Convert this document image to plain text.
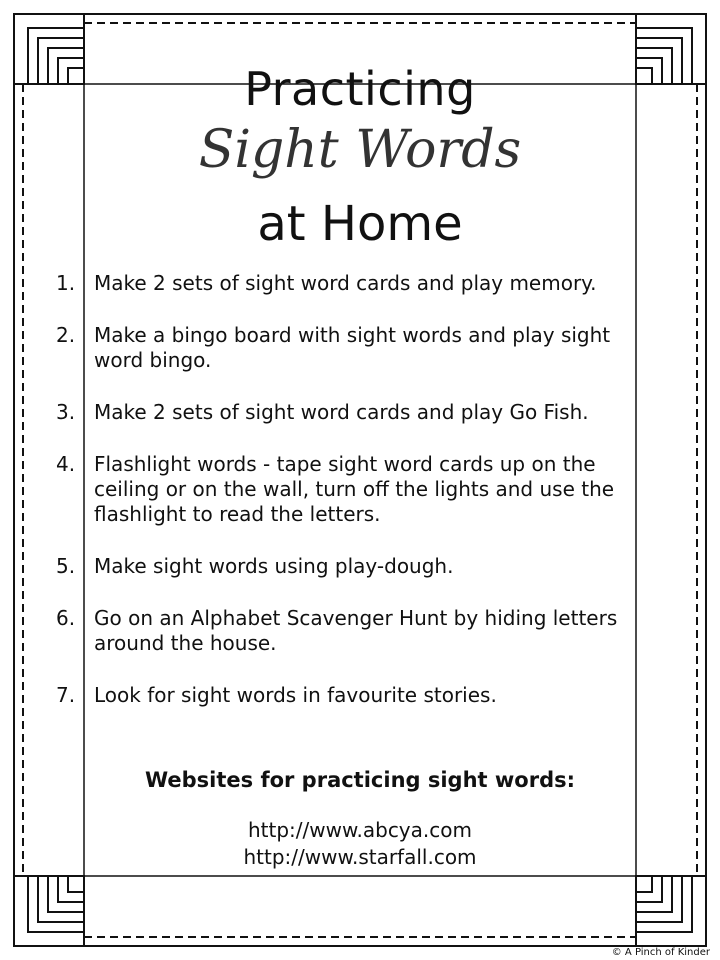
Practicing
Sight Words
at Home
1. Make 2 sets of sight word cards and play memory.
2. Make a bingo board with sight words and play sight word bingo.
3. Make 2 sets of sight word cards and play Go Fish.
4. Flashlight words - tape sight word cards up on the ceiling or on the wall, turn off the lights and use the flashlight to read the letters.
5. Make sight words using play-dough.
6. Go on an Alphabet Scavenger Hunt by hiding letters around the house.
7. Look for sight words in favourite stories.

Websites for practicing sight words:

http://www.abcya.com

http://www.starfall.com

© A Pinch of Kinder
